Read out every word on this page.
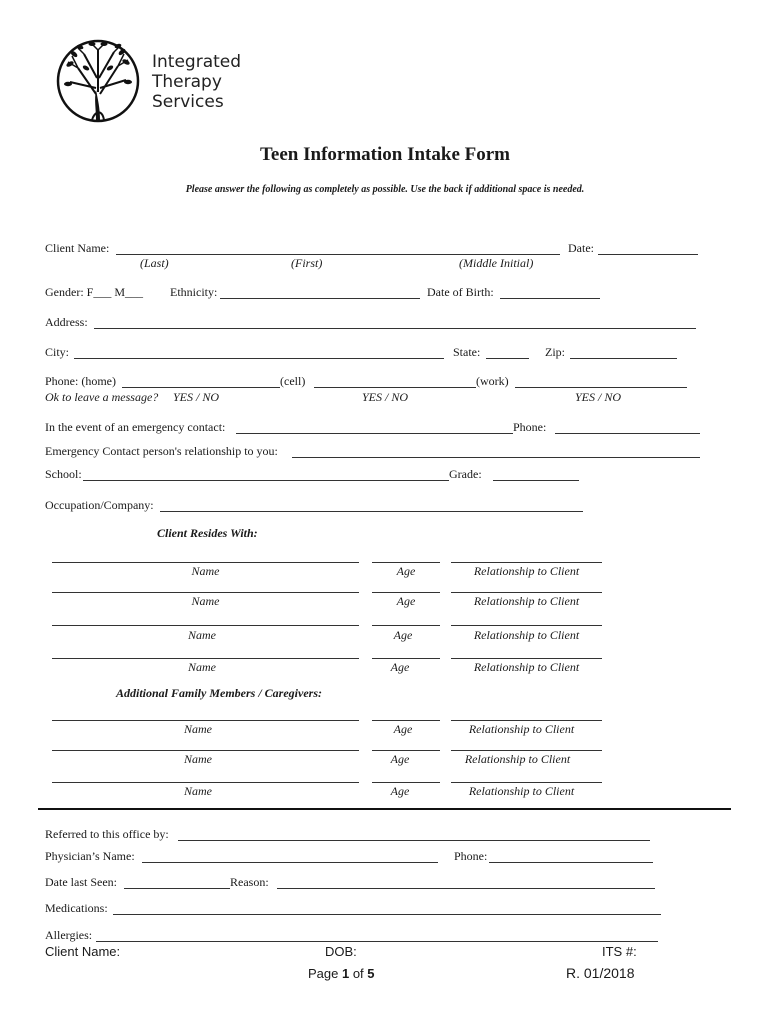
Integrated
Therapy
Services
Teen Information Intake Form
Please answer the following as completely as possible. Use the back if additional space is needed.
Client Name:	Date:
(Last)	(First)	(Middle Initial)
Gender: F___ M___ Ethnicity:	Date of Birth:
Address:
City:	State:	Zip:
Phone: (home)	(cell)	(work)
Ok to leave a message? YES / NO	YES / NO	YES / NO
In the event of an emergency contact:	Phone:
Emergency Contact person's relationship to you:
School:	Grade:
Occupation/Company:
Client Resides With:
Name	Age	Relationship to Client
Name	Age	Relationship to Client
Name	Age	Relationship to Client
Name	Age	Relationship to Client
Additional Family Members / Caregivers:
Name	Age	Relationship to Client
Name	Age	Relationship to Client
Name	Age	Relationship to Client
Referred to this office by:
Physician’s Name:	Phone:
Date last Seen:	Reason:
Medications:
Allergies:
Client Name:	DOB:	ITS #:
Page 1 of 5	R. 01/2018
